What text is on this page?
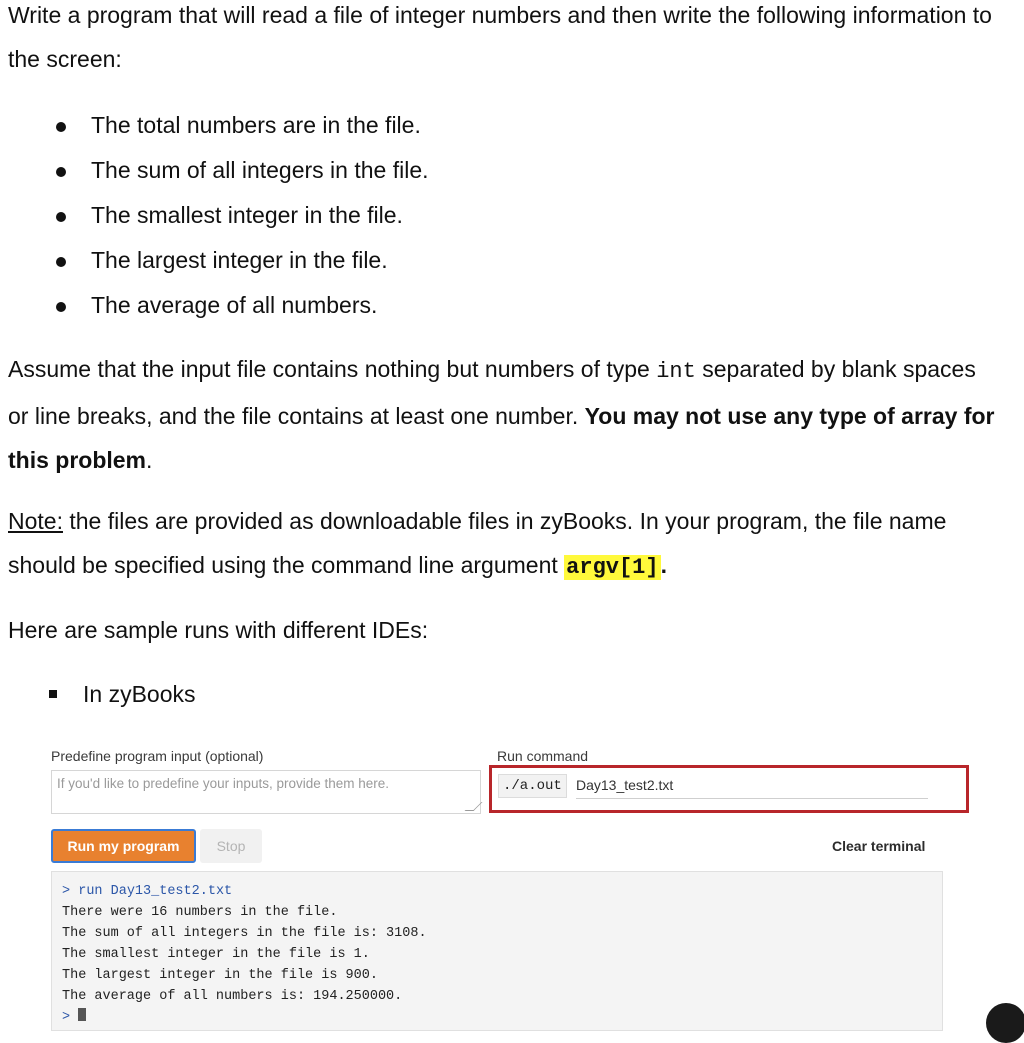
Write a program that will read a file of integer numbers and then write the following information to the screen:

The total numbers are in the file.
The sum of all integers in the file.
The smallest integer in the file.
The largest integer in the file.
The average of all numbers.

Assume that the input file contains nothing but numbers of type int separated by blank spaces or line breaks, and the file contains at least one number. You may not use any type of array for this problem.

Note: the files are provided as downloadable files in zyBooks. In your program, the file name should be specified using the command line argument argv[1].

Here are sample runs with different IDEs:

In zyBooks
Predefine program input (optional)	Run command
If you'd like to predefine your inputs, provide them here.	./a.out	Day13_test2.txt
Run my program	Stop	Clear terminal
> run Day13_test2.txt
There were 16 numbers in the file.
The sum of all integers in the file is: 3108.
The smallest integer in the file is 1.
The largest integer in the file is 900.
The average of all numbers is: 194.250000.
>
